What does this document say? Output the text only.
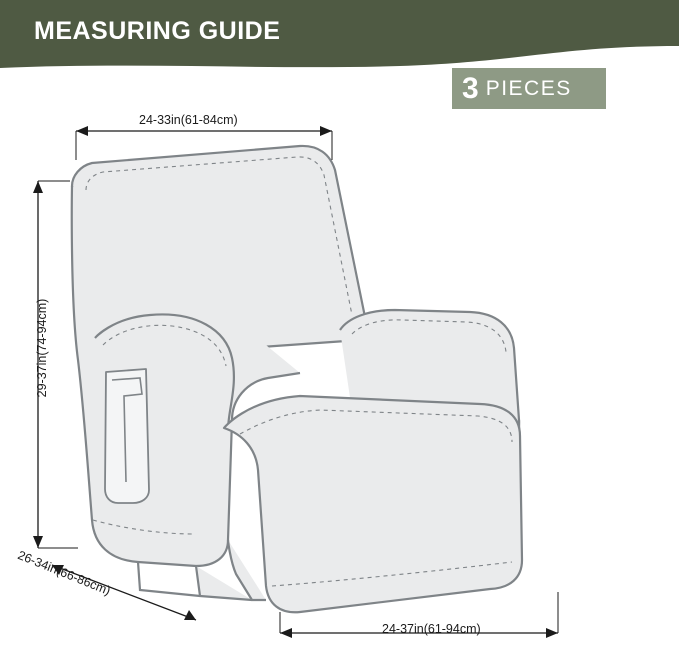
MEASURING GUIDE
3 PIECES
24-33in(61-84cm)
29-37in(74-94cm)
26-34in(66-86cm)
24-37in(61-94cm)
